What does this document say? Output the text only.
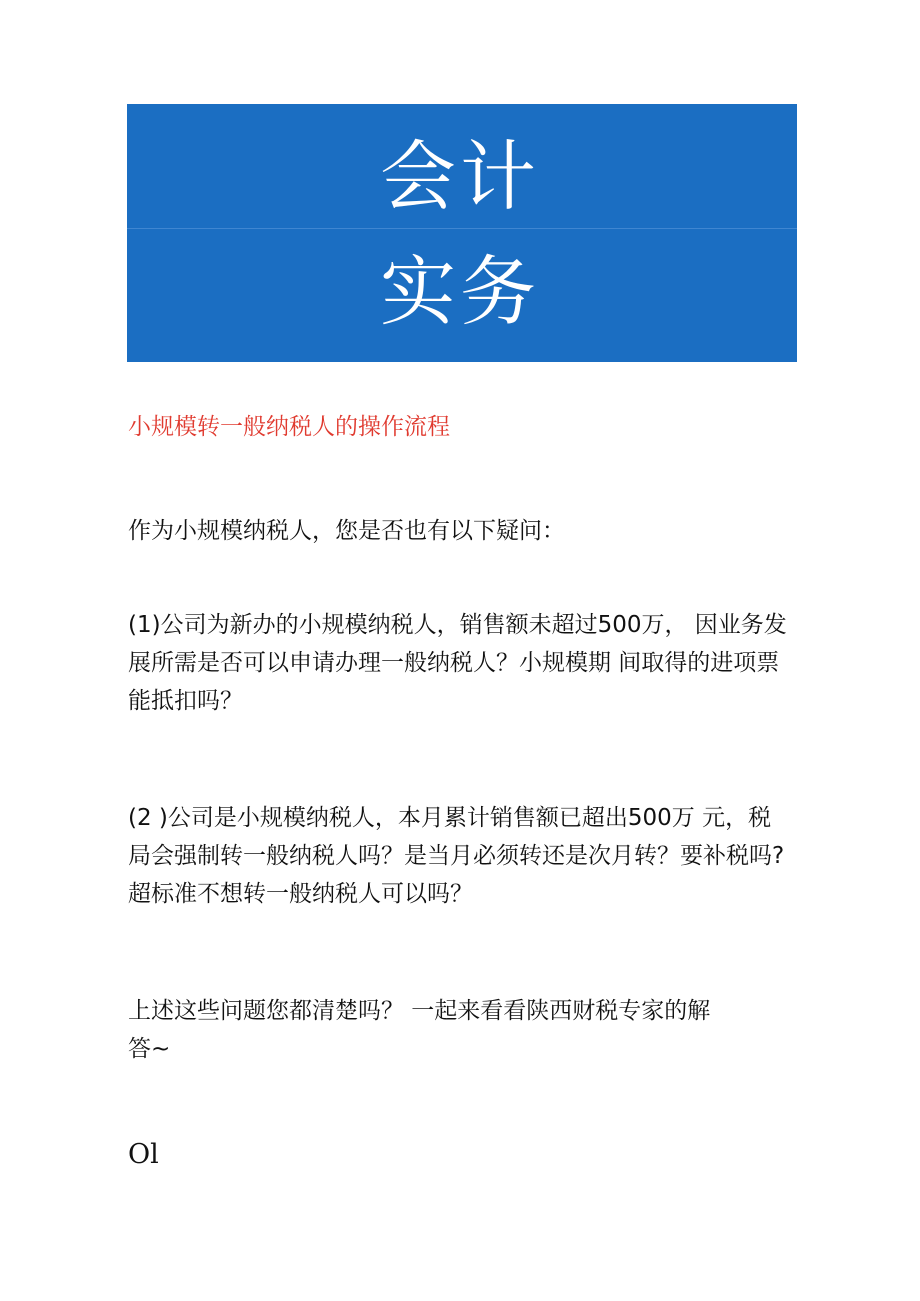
会计
实务
小规模转一般纳税人的操作流程

作为小规模纳税人，您是否也有以下疑问：

(1)公司为新办的小规模纳税人，销售额未超过500万， 因业务发

展所需是否可以申请办理一般纳税人？小规模期 间取得的进项票

能抵扣吗？

(2 )公司是小规模纳税人，本月累计销售额已超出500万 元，税

局会强制转一般纳税人吗？是当月必须转还是次月转？要补税吗?

超标准不想转一般纳税人可以吗？

上述这些问题您都清楚吗？ 一起来看看陕西财税专家的解

答~

Ol
